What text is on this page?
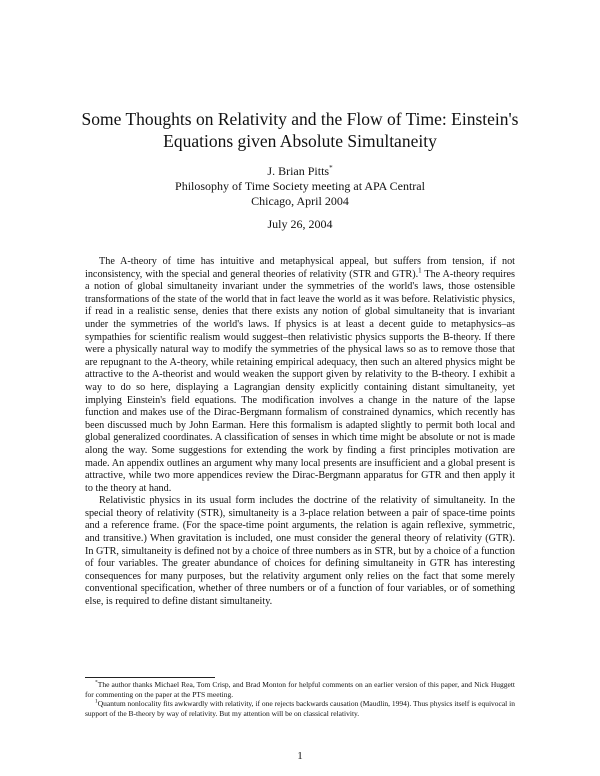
Some Thoughts on Relativity and the Flow of Time: Einstein's Equations given Absolute Simultaneity
J. Brian Pitts*
Philosophy of Time Society meeting at APA Central
Chicago, April 2004
July 26, 2004

The A-theory of time has intuitive and metaphysical appeal, but suffers from tension, if not inconsistency, with the special and general theories of relativity (STR and GTR).$^1$ The A-theory requires a notion of global simultaneity invariant under the symmetries of the world's laws, those ostensible transformations of the state of the world that in fact leave the world as it was before. Relativistic physics, if read in a realistic sense, denies that there exists any notion of global simultaneity that is invariant under the symmetries of the world's laws. If physics is at least a decent guide to metaphysics–as sympathies for scientific realism would suggest–then relativistic physics supports the B-theory. If there were a physically natural way to modify the symmetries of the physical laws so as to remove those that are repugnant to the A-theory, while retaining empirical adequacy, then such an altered physics might be attractive to the A-theorist and would weaken the support given by relativity to the B-theory. I exhibit a way to do so here, displaying a Lagrangian density explicitly containing distant simultaneity, yet implying Einstein's field equations. The modification involves a change in the nature of the lapse function and makes use of the Dirac-Bergmann formalism of constrained dynamics, which recently has been discussed much by John Earman. Here this formalism is adapted slightly to permit both local and global generalized coordinates. A classification of senses in which time might be absolute or not is made along the way. Some suggestions for extending the work by finding a first principles motivation are made. An appendix outlines an argument why many local presents are insufficient and a global present is attractive, while two more appendices review the Dirac-Bergmann apparatus for GTR and then apply it to the theory at hand.

Relativistic physics in its usual form includes the doctrine of the relativity of simultaneity. In the special theory of relativity (STR), simultaneity is a 3-place relation between a pair of space-time points and a reference frame. (For the space-time point arguments, the relation is again reflexive, symmetric, and transitive.) When gravitation is included, one must consider the general theory of relativity (GTR). In GTR, simultaneity is defined not by a choice of three numbers as in STR, but by a choice of a function of four variables. The greater abundance of choices for defining simultaneity in GTR has interesting consequences for many purposes, but the relativity argument only relies on the fact that some merely conventional specification, whether of three numbers or of a function of four variables, or of something else, is required to define distant simultaneity.

*The author thanks Michael Rea, Tom Crisp, and Brad Monton for helpful comments on an earlier version of this paper, and Nick Huggett for commenting on the paper at the PTS meeting.

$^1$Quantum nonlocality fits awkwardly with relativity, if one rejects backwards causation (Maudlin, 1994). Thus physics itself is equivocal in support of the B-theory by way of relativity. But my attention will be on classical relativity.

1
